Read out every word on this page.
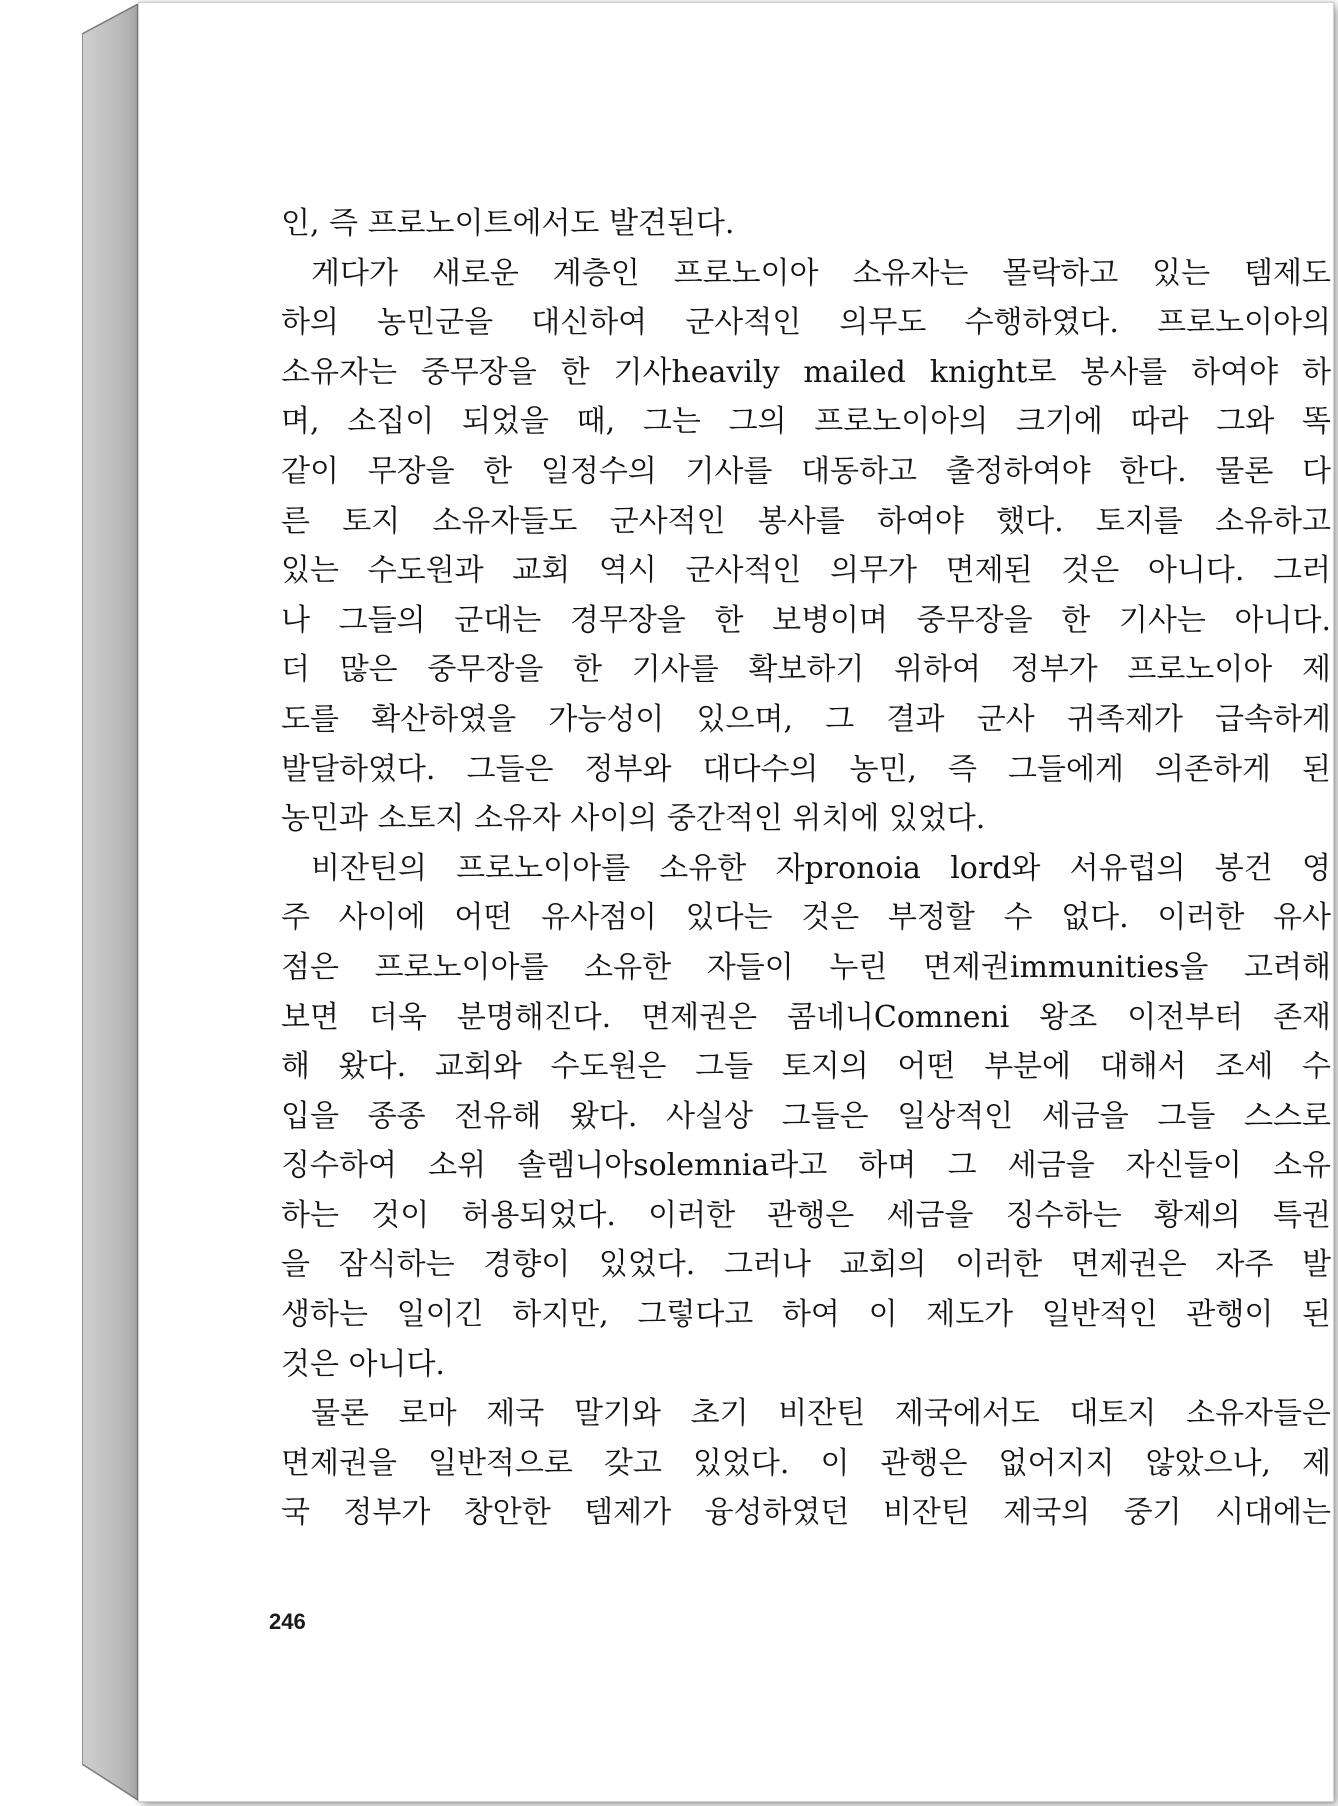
인, 즉 프로노이트에서도 발견된다.
게다가 새로운 계층인 프로노이아 소유자는 몰락하고 있는 템제도
하의 농민군을 대신하여 군사적인 의무도 수행하였다. 프로노이아의
소유자는 중무장을 한 기사heavily mailed knight로 봉사를 하여야 하
며, 소집이 되었을 때, 그는 그의 프로노이아의 크기에 따라 그와 똑
같이 무장을 한 일정수의 기사를 대동하고 출정하여야 한다. 물론 다
른 토지 소유자들도 군사적인 봉사를 하여야 했다. 토지를 소유하고
있는 수도원과 교회 역시 군사적인 의무가 면제된 것은 아니다. 그러
나 그들의 군대는 경무장을 한 보병이며 중무장을 한 기사는 아니다.
더 많은 중무장을 한 기사를 확보하기 위하여 정부가 프로노이아 제
도를 확산하였을 가능성이 있으며, 그 결과 군사 귀족제가 급속하게
발달하였다. 그들은 정부와 대다수의 농민, 즉 그들에게 의존하게 된
농민과 소토지 소유자 사이의 중간적인 위치에 있었다.
비잔틴의 프로노이아를 소유한 자pronoia lord와 서유럽의 봉건 영
주 사이에 어떤 유사점이 있다는 것은 부정할 수 없다. 이러한 유사
점은 프로노이아를 소유한 자들이 누린 면제권immunities을 고려해
보면 더욱 분명해진다. 면제권은 콤네니Comneni 왕조 이전부터 존재
해 왔다. 교회와 수도원은 그들 토지의 어떤 부분에 대해서 조세 수
입을 종종 전유해 왔다. 사실상 그들은 일상적인 세금을 그들 스스로
징수하여 소위 솔렘니아solemnia라고 하며 그 세금을 자신들이 소유
하는 것이 허용되었다. 이러한 관행은 세금을 징수하는 황제의 특권
을 잠식하는 경향이 있었다. 그러나 교회의 이러한 면제권은 자주 발
생하는 일이긴 하지만, 그렇다고 하여 이 제도가 일반적인 관행이 된
것은 아니다.
물론 로마 제국 말기와 초기 비잔틴 제국에서도 대토지 소유자들은
면제권을 일반적으로 갖고 있었다. 이 관행은 없어지지 않았으나, 제
국 정부가 창안한 템제가 융성하였던 비잔틴 제국의 중기 시대에는
246
